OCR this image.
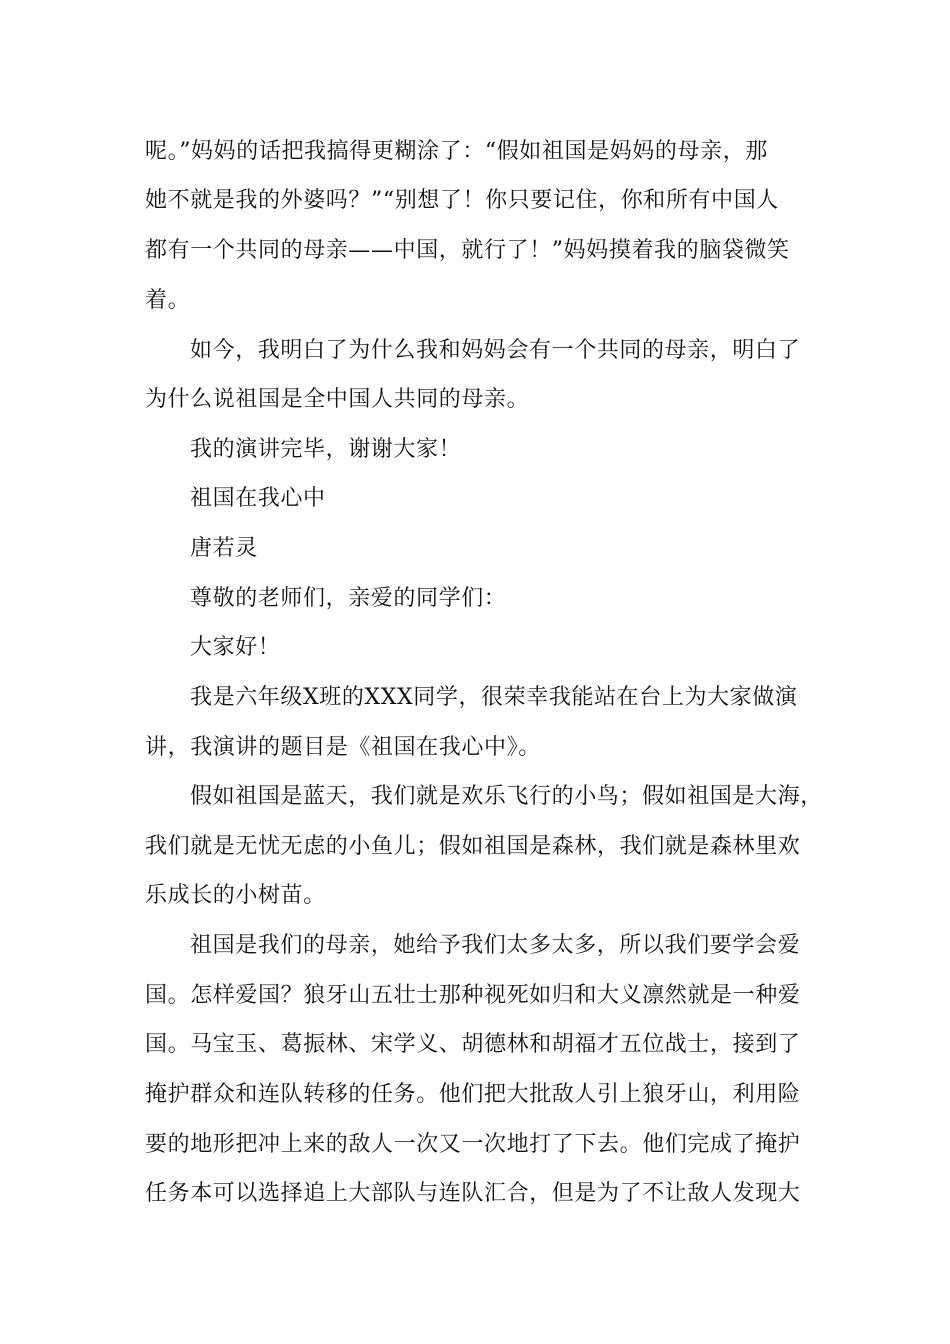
呢。”妈妈的话把我搞得更糊涂了：“假如祖国是妈妈的母亲，那
她不就是我的外婆吗？”“别想了！你只要记住，你和所有中国人
都有一个共同的母亲——中国，就行了！”妈妈摸着我的脑袋微笑
着。
如今，我明白了为什么我和妈妈会有一个共同的母亲，明白了
为什么说祖国是全中国人共同的母亲。
我的演讲完毕，谢谢大家！
祖国在我心中
唐若灵
尊敬的老师们，亲爱的同学们：
大家好！
我是六年级X班的XXX同学，很荣幸我能站在台上为大家做演
讲，我演讲的题目是《祖国在我心中》。
假如祖国是蓝天，我们就是欢乐飞行的小鸟；假如祖国是大海，
我们就是无忧无虑的小鱼儿；假如祖国是森林，我们就是森林里欢
乐成长的小树苗。
祖国是我们的母亲，她给予我们太多太多，所以我们要学会爱
国。怎样爱国？狼牙山五壮士那种视死如归和大义凛然就是一种爱
国。马宝玉、葛振林、宋学义、胡德林和胡福才五位战士，接到了
掩护群众和连队转移的任务。他们把大批敌人引上狼牙山，利用险
要的地形把冲上来的敌人一次又一次地打了下去。他们完成了掩护
任务本可以选择追上大部队与连队汇合，但是为了不让敌人发现大
